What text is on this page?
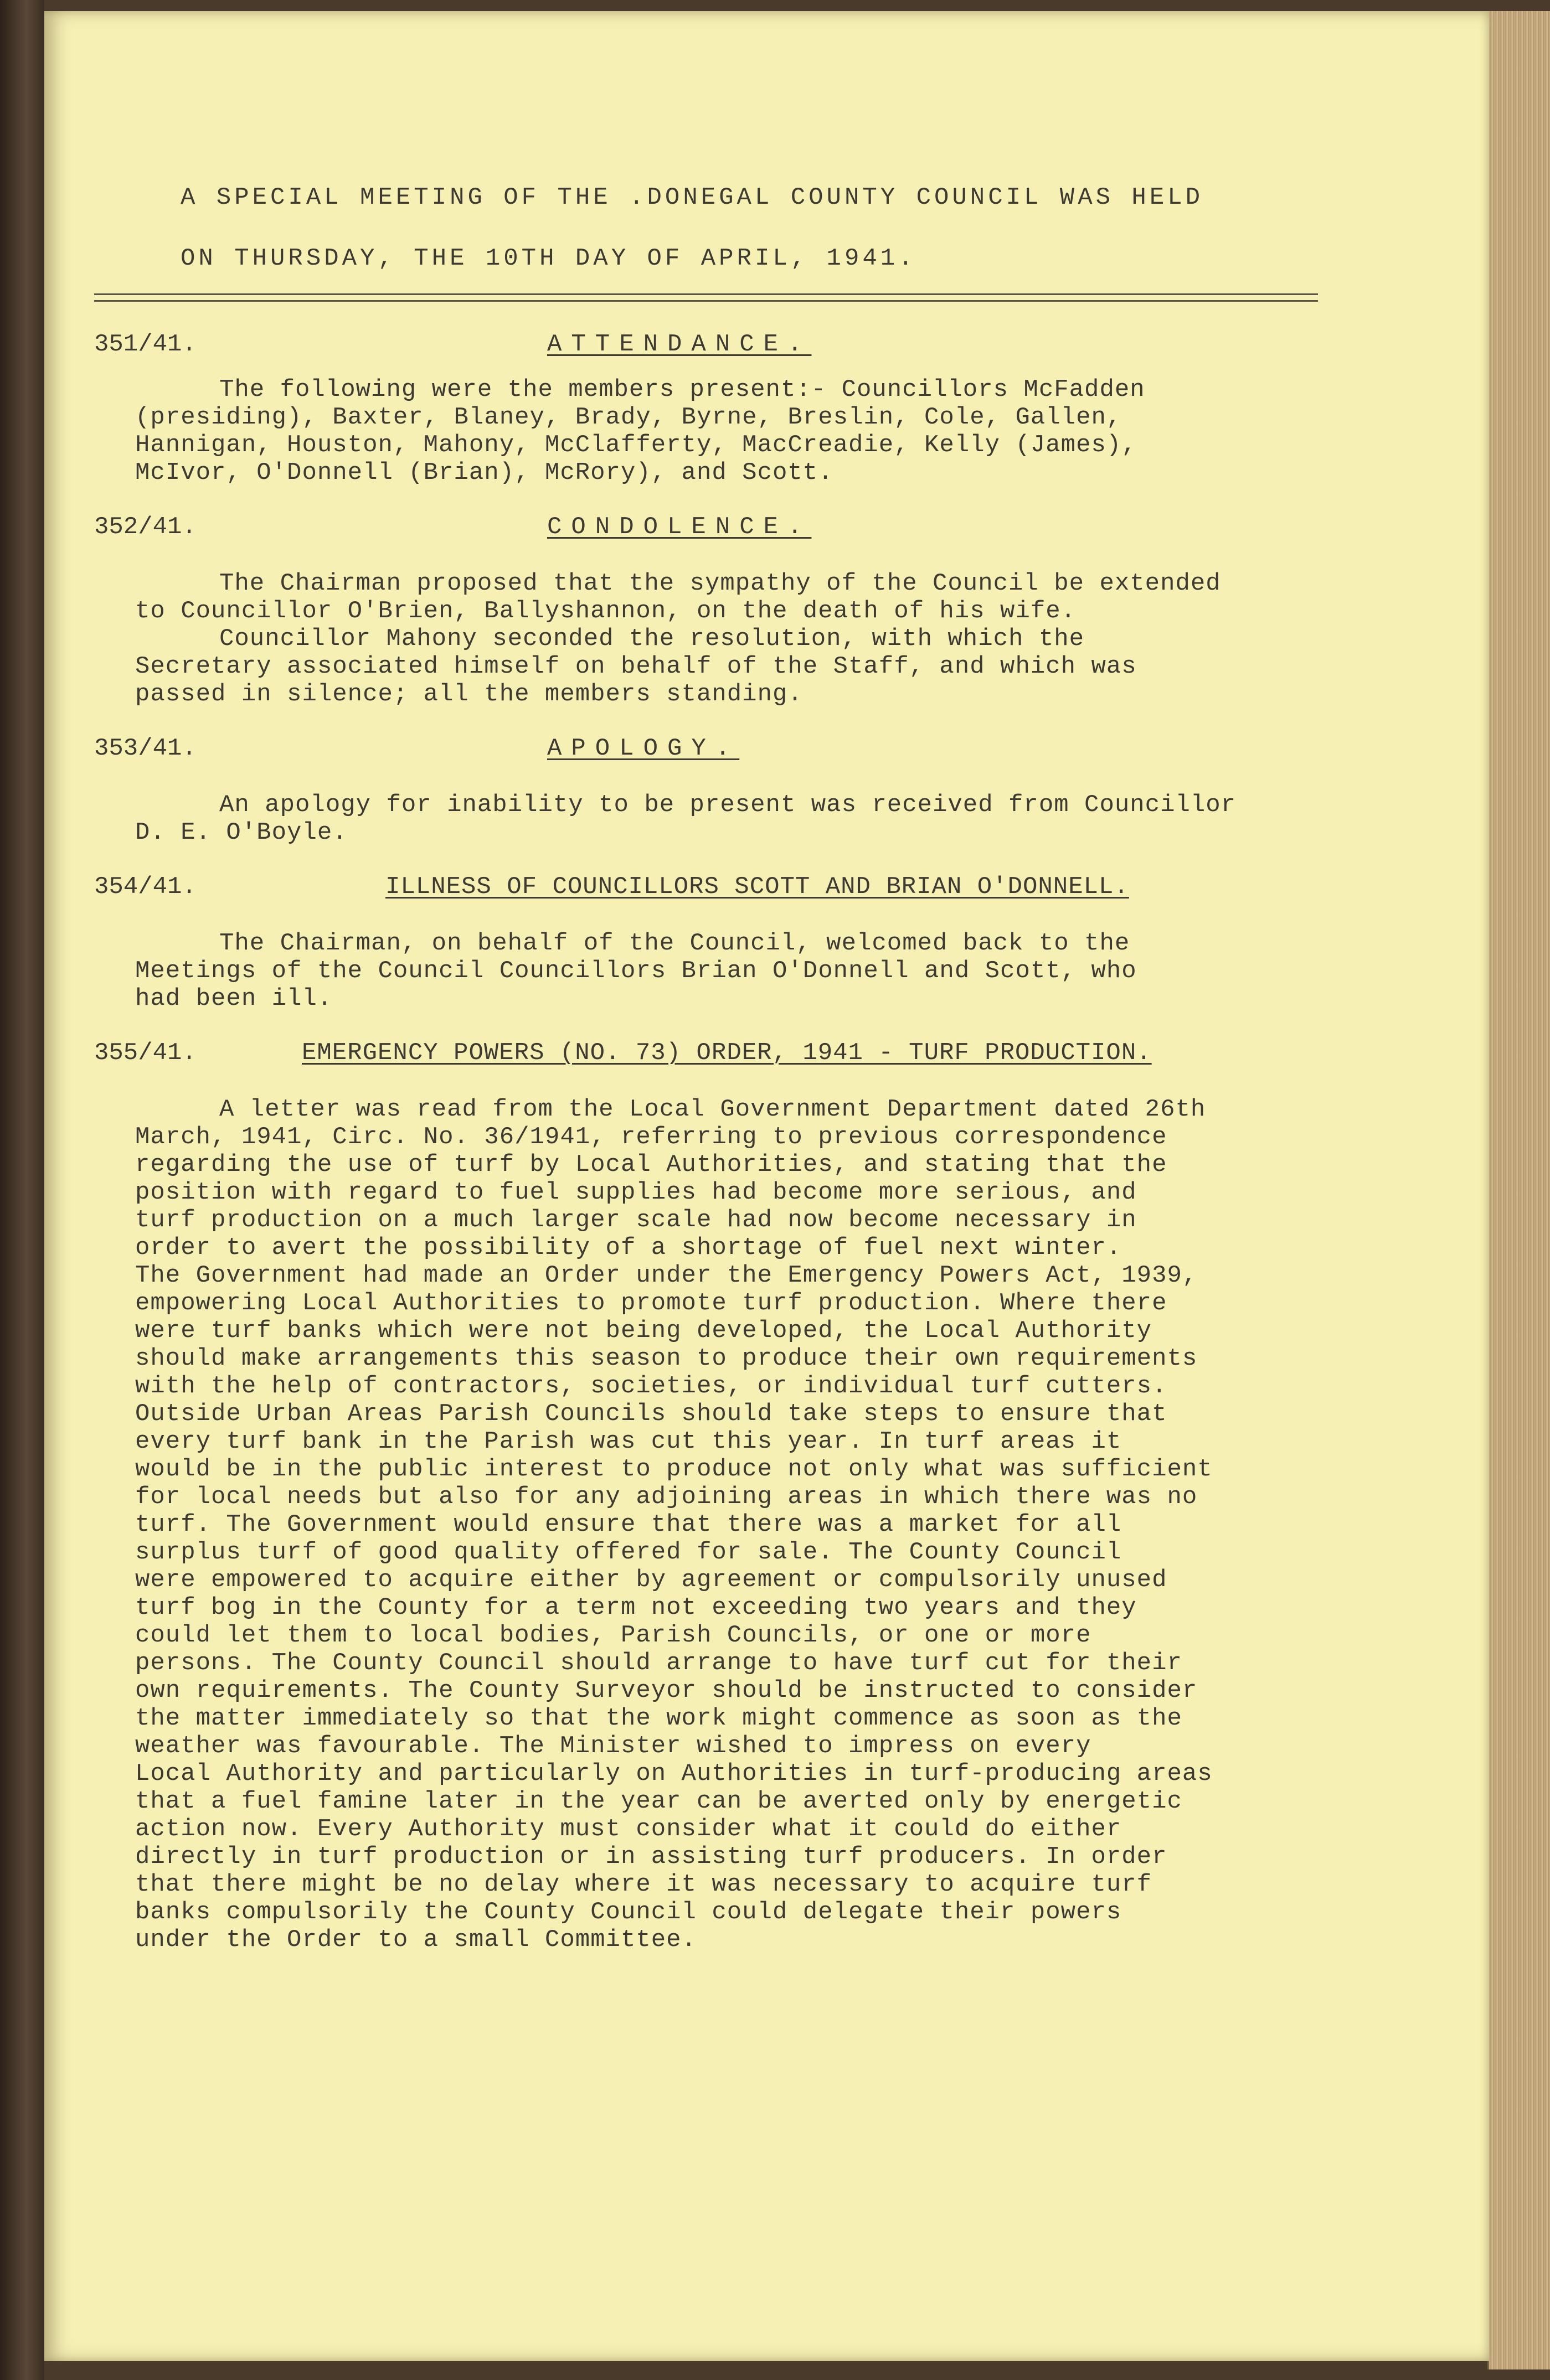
A SPECIAL MEETING OF THE .DONEGAL COUNTY COUNCIL WAS HELD
ON THURSDAY, THE 10TH DAY OF APRIL, 1941.
351/41.	ATTENDANCE.
The following were the members present:- Councillors McFadden
(presiding), Baxter, Blaney, Brady, Byrne, Breslin, Cole, Gallen,
Hannigan, Houston, Mahony, McClafferty, MacCreadie, Kelly (James),
McIvor, O'Donnell (Brian), McRory), and Scott.
352/41.	CONDOLENCE.
The Chairman proposed that the sympathy of the Council be extended
to Councillor O'Brien, Ballyshannon, on the death of his wife.
Councillor Mahony seconded the resolution, with which the
Secretary associated himself on behalf of the Staff, and which was
passed in silence; all the members standing.
353/41.	APOLOGY.
An apology for inability to be present was received from Councillor
D. E. O'Boyle.
354/41.	ILLNESS OF COUNCILLORS SCOTT AND BRIAN O'DONNELL.
The Chairman, on behalf of the Council, welcomed back to the
Meetings of the Council Councillors Brian O'Donnell and Scott, who
had been ill.
355/41.	EMERGENCY POWERS (NO. 73) ORDER, 1941 - TURF PRODUCTION.
A letter was read from the Local Government Department dated 26th
March, 1941, Circ. No. 36/1941, referring to previous correspondence
regarding the use of turf by Local Authorities, and stating that the
position with regard to fuel supplies had become more serious, and
turf production on a much larger scale had now become necessary in
order to avert the possibility of a shortage of fuel next winter.
The Government had made an Order under the Emergency Powers Act, 1939,
empowering Local Authorities to promote turf production. Where there
were turf banks which were not being developed, the Local Authority
should make arrangements this season to produce their own requirements
with the help of contractors, societies, or individual turf cutters.
Outside Urban Areas Parish Councils should take steps to ensure that
every turf bank in the Parish was cut this year. In turf areas it
would be in the public interest to produce not only what was sufficient
for local needs but also for any adjoining areas in which there was no
turf. The Government would ensure that there was a market for all
surplus turf of good quality offered for sale. The County Council
were empowered to acquire either by agreement or compulsorily unused
turf bog in the County for a term not exceeding two years and they
could let them to local bodies, Parish Councils, or one or more
persons. The County Council should arrange to have turf cut for their
own requirements. The County Surveyor should be instructed to consider
the matter immediately so that the work might commence as soon as the
weather was favourable. The Minister wished to impress on every
Local Authority and particularly on Authorities in turf-producing areas
that a fuel famine later in the year can be averted only by energetic
action now. Every Authority must consider what it could do either
directly in turf production or in assisting turf producers. In order
that there might be no delay where it was necessary to acquire turf
banks compulsorily the County Council could delegate their powers
under the Order to a small Committee.
